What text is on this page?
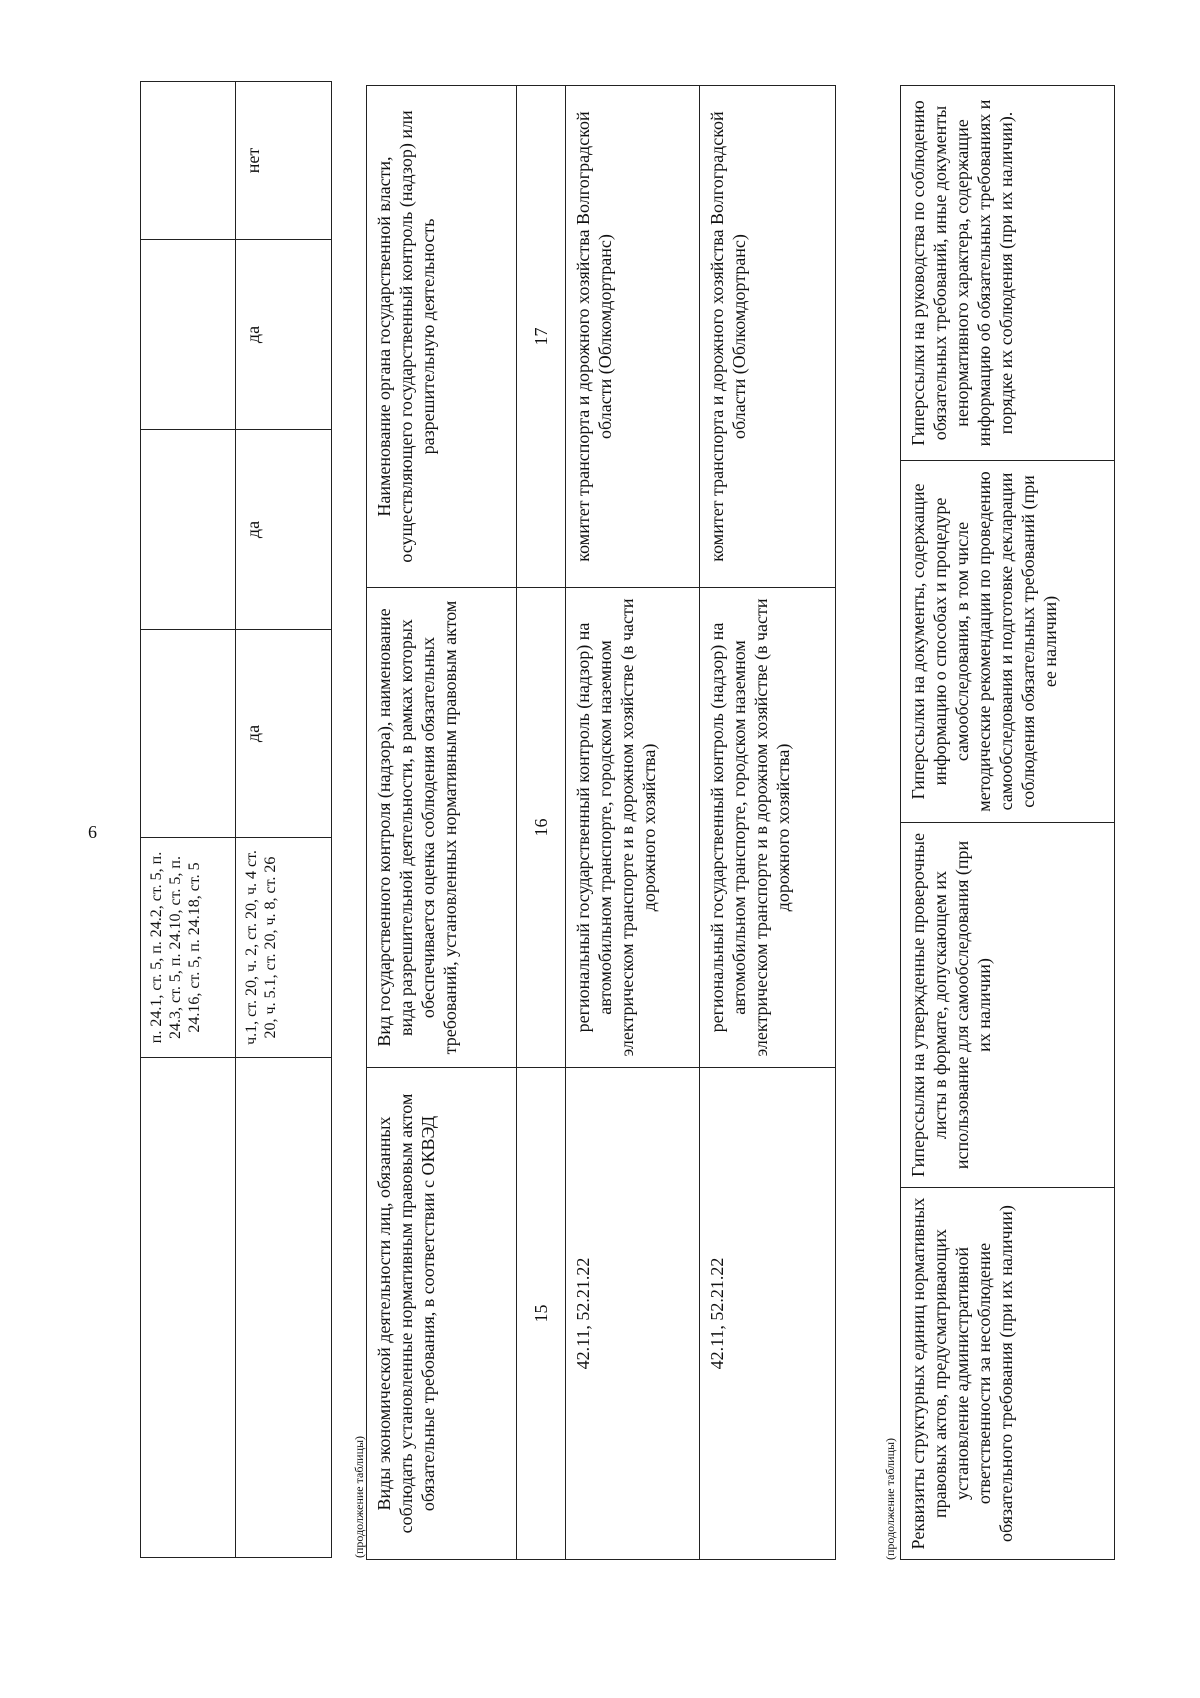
6
	п. 24.1, ст. 5, п. 24.2, ст. 5, п. 24.3, ст. 5, п. 24.10, ст. 5, п. 24.16, ст. 5, п. 24.18, ст. 5				
	ч.1, ст. 20, ч. 2, ст. 20, ч. 4 ст. 20, ч. 5.1, ст. 20, ч. 8, ст. 26	да	да	да	нет
(продолжение таблицы) Виды экономической деятельности лиц, обязанных соблюдать установленные нормативным правовым актом обязательные требования, в соответствии с ОКВЭД	Вид государственного контроля (надзора), наименование вида разрешительной деятельности, в рамках которых обеспечивается оценка соблюдения обязательных требований, установленных нормативным правовым актом	Наименование органа государственной власти, осуществляющего государственный контроль (надзор) или разрешительную деятельность
15	16	17
42.11, 52.21.22	региональный государственный контроль (надзор) на автомобильном транспорте, городском наземном электрическом транспорте и в дорожном хозяйстве (в части дорожного хозяйства)	комитет транспорта и дорожного хозяйства Волгоградской области (Облкомдортранс)
42.11, 52.21.22	региональный государственный контроль (надзор) на автомобильном транспорте, городском наземном электрическом транспорте и в дорожном хозяйстве (в части дорожного хозяйства)	комитет транспорта и дорожного хозяйства Волгоградской области (Облкомдортранс)
(продолжение таблицы) Реквизиты структурных единиц нормативных правовых актов, предусматривающих установление административной ответственности за несоблюдение обязательного требования (при их наличии)	Гиперссылки на утвержденные проверочные листы в формате, допускающем их использование для самообследования (при их наличии)	Гиперссылки на документы, содержащие информацию о способах и процедуре самообследования, в том числе методические рекомендации по проведению самообследования и подготовке декларации соблюдения обязательных требований (при ее наличии)	Гиперссылки на руководства по соблюдению обязательных требований, иные документы ненормативного характера, содержащие информацию об обязательных требованиях и порядке их соблюдения (при их наличии).
